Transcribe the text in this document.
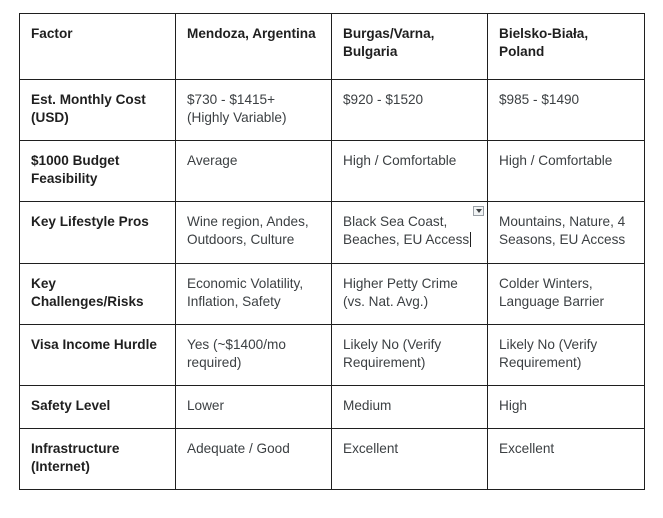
Factor	Mendoza, Argentina	Burgas/Varna, Bulgaria	Bielsko-Biała, Poland
Est. Monthly Cost (USD)	$730 - $1415+ (Highly Variable)	$920 - $1520	$985 - $1490
$1000 Budget Feasibility	Average	High / Comfortable	High / Comfortable
Key Lifestyle Pros	Wine region, Andes, Outdoors, Culture	Black Sea Coast, Beaches, EU Access	Mountains, Nature, 4 Seasons, EU Access
Key Challenges/Risks	Economic Volatility, Inflation, Safety	Higher Petty Crime (vs. Nat. Avg.)	Colder Winters, Language Barrier
Visa Income Hurdle	Yes (~$1400/mo required)	Likely No (Verify Requirement)	Likely No (Verify Requirement)
Safety Level	Lower	Medium	High
Infrastructure (Internet)	Adequate / Good	Excellent	Excellent
